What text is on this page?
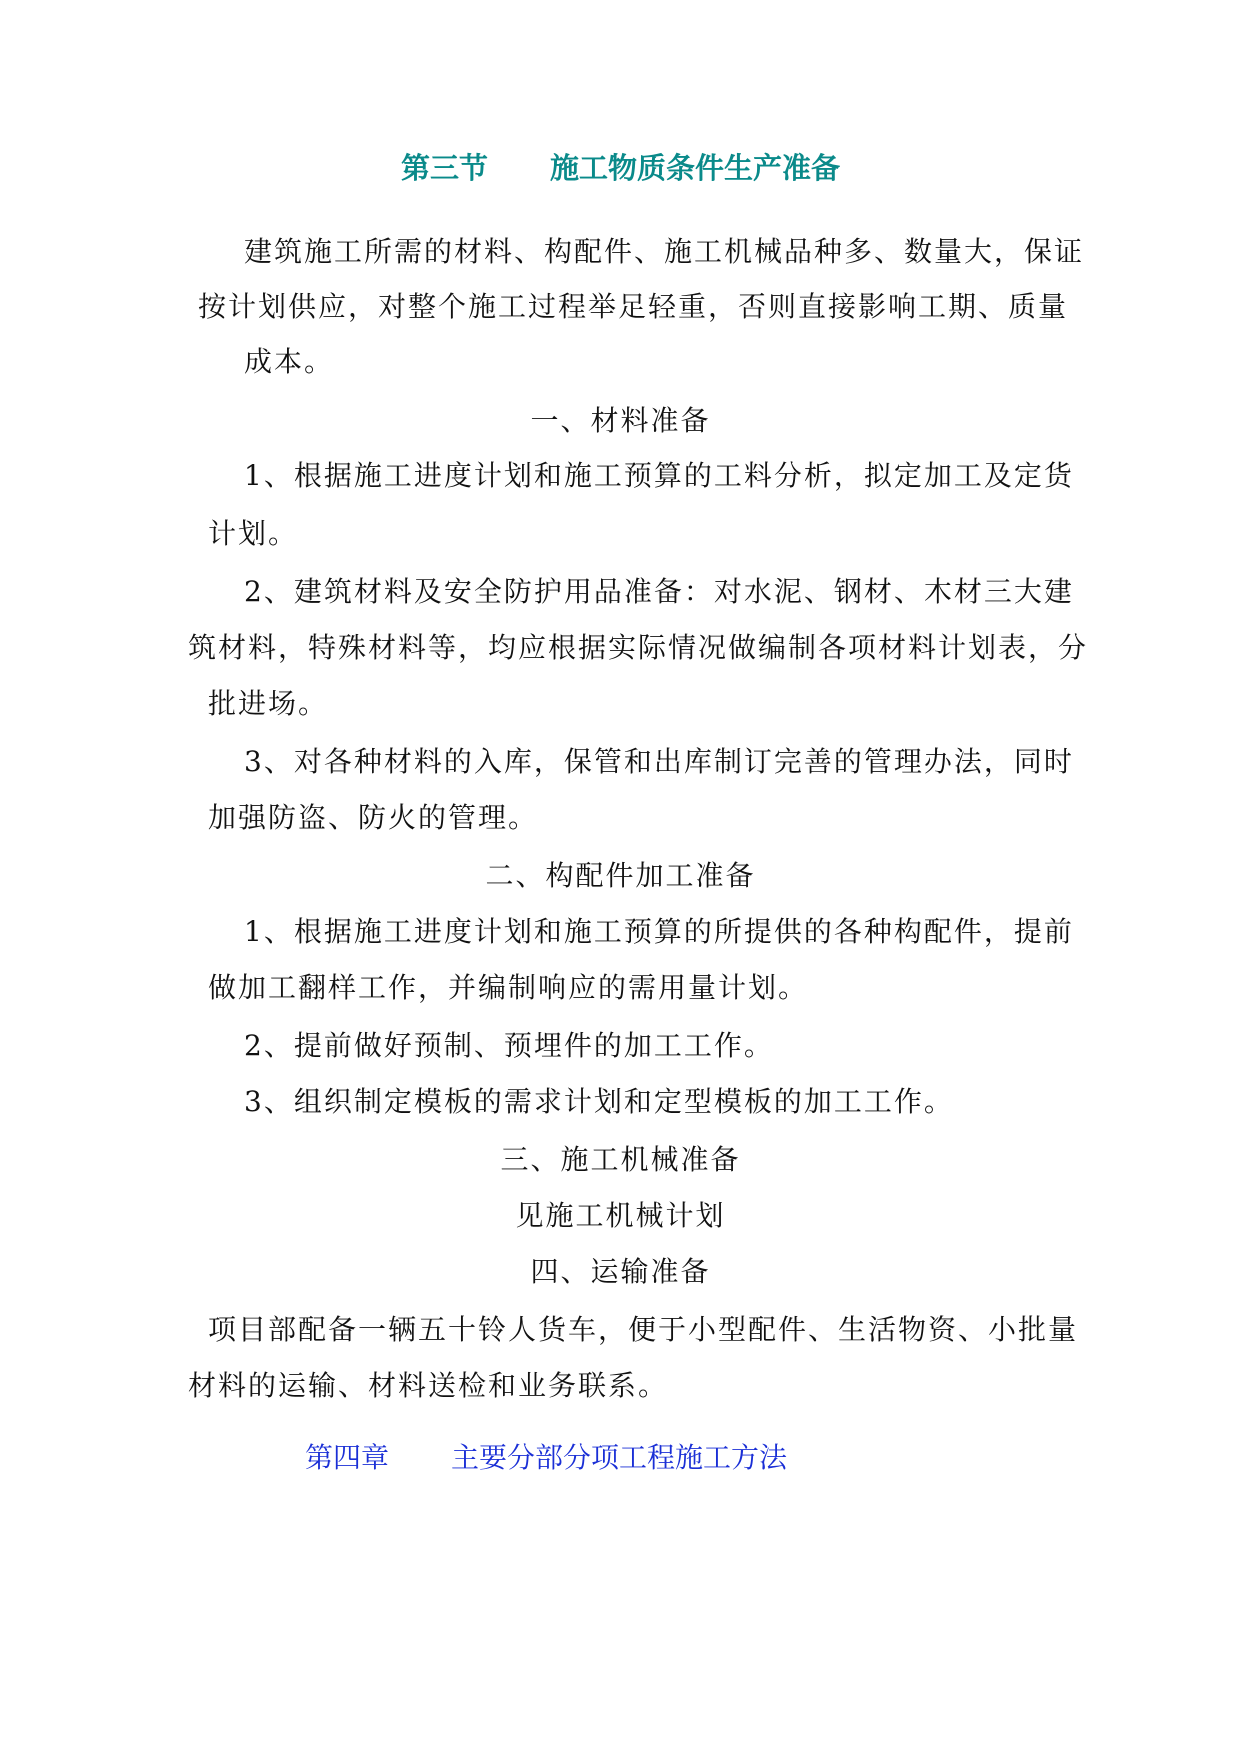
第三节 施工物质条件生产准备
建筑施工所需的材料、构配件、施工机械品种多、数量大，保证
按计划供应，对整个施工过程举足轻重，否则直接影响工期、质量
成本。
一、材料准备
1、根据施工进度计划和施工预算的工料分析，拟定加工及定货
计划。
2、建筑材料及安全防护用品准备：对水泥、钢材、木材三大建
筑材料，特殊材料等，均应根据实际情况做编制各项材料计划表，分
批进场。
3、对各种材料的入库，保管和出库制订完善的管理办法，同时
加强防盗、防火的管理。
二、构配件加工准备
1、根据施工进度计划和施工预算的所提供的各种构配件，提前
做加工翻样工作，并编制响应的需用量计划。
2、提前做好预制、预埋件的加工工作。
3、组织制定模板的需求计划和定型模板的加工工作。
三、施工机械准备
见施工机械计划
四、运输准备
项目部配备一辆五十铃人货车，便于小型配件、生活物资、小批量
材料的运输、材料送检和业务联系。
第四章 主要分部分项工程施工方法
